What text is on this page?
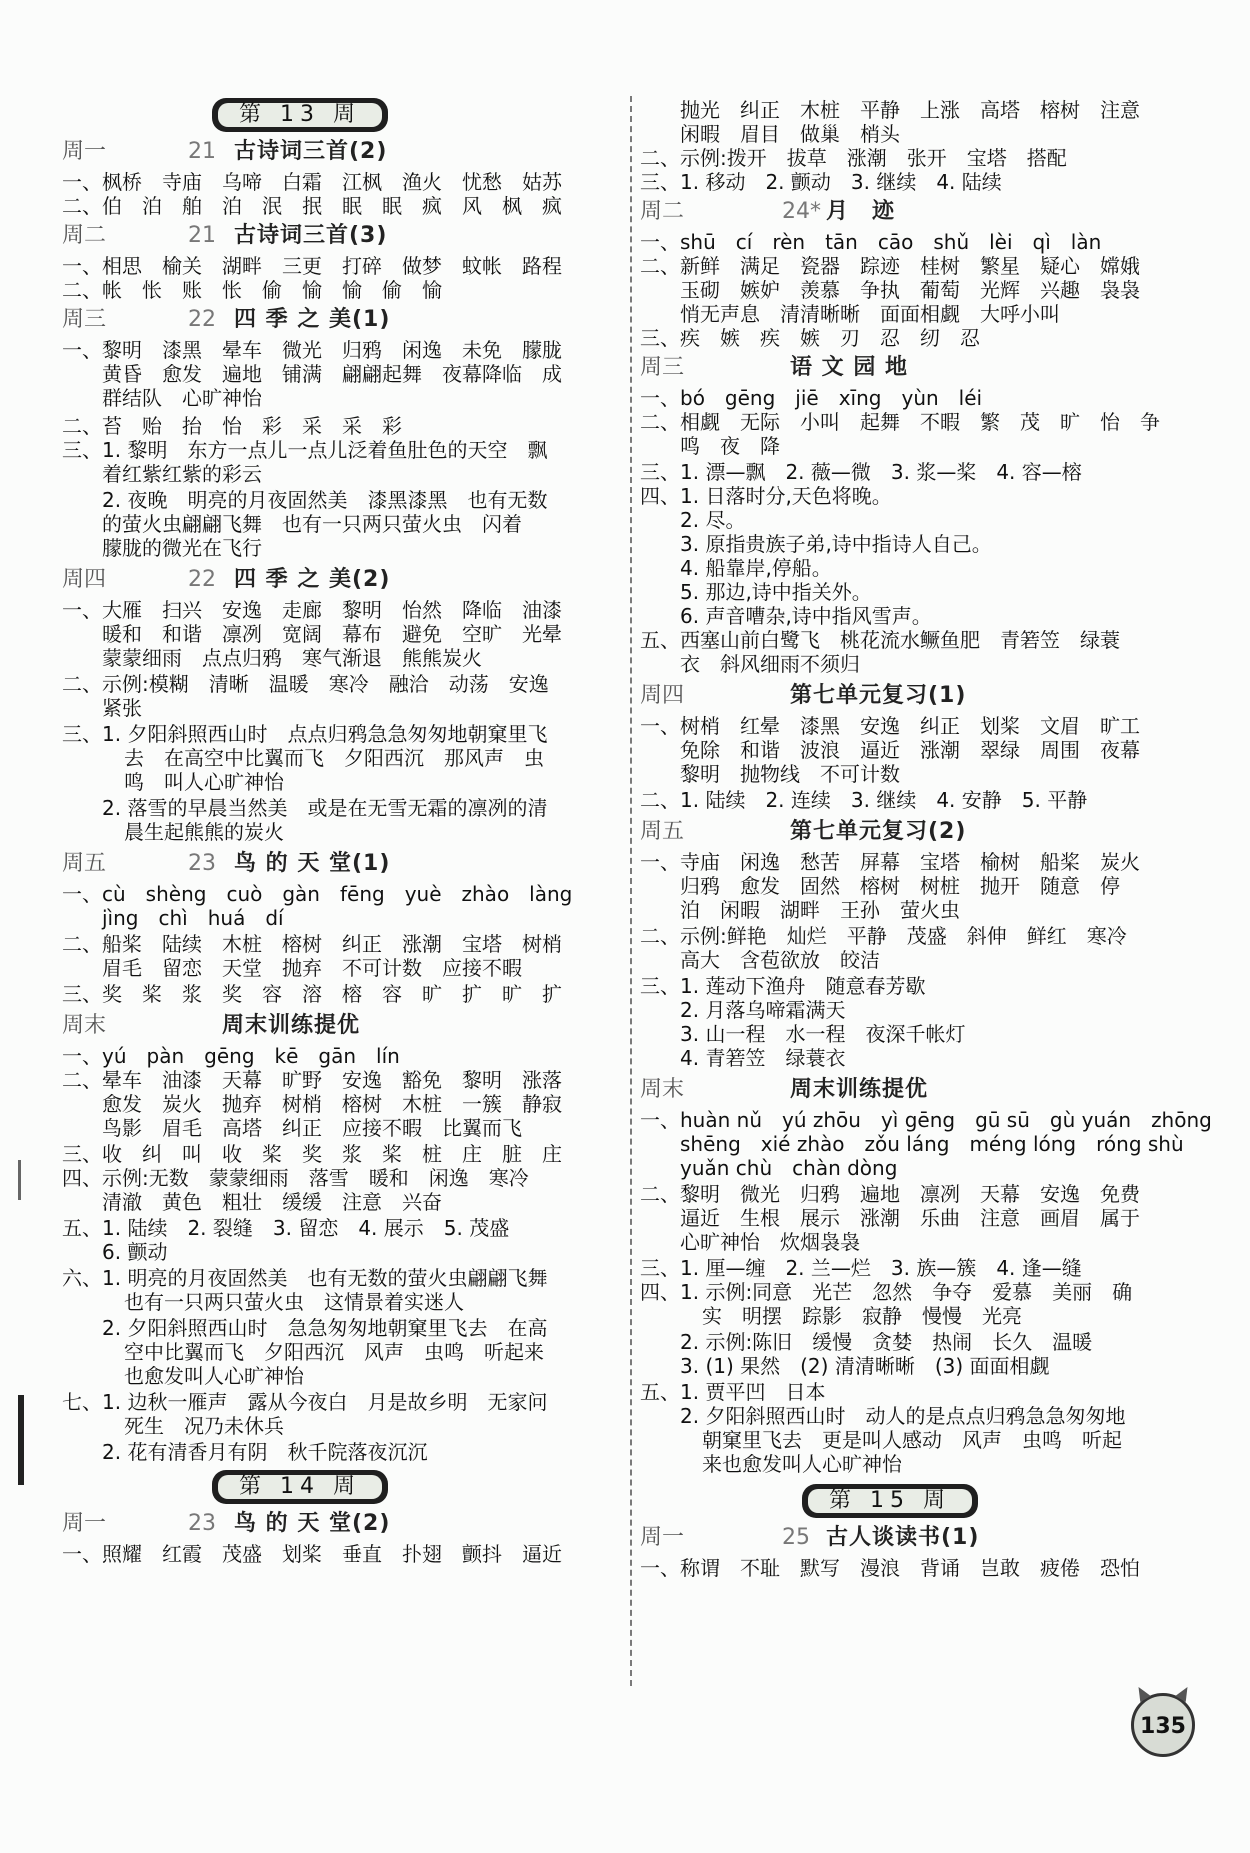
第 13 周
周一	21 古诗词三首(2)
一、枫桥　寺庙　乌啼　白霜　江枫　渔火　忧愁　姑苏
二、伯　泊　舶　泊　泯　抿　眠　眠　疯　风　枫　疯
周二	21 古诗词三首(3)
一、相思　榆关　湖畔　三更　打碎　做梦　蚊帐　路程
二、帐　怅　账　怅　偷　愉　愉　偷　愉
周三	22 四 季 之 美(1)
一、黎明　漆黑　晕车　微光　归鸦　闲逸　未免　朦胧
黄昏　愈发　遍地　铺满　翩翩起舞　夜幕降临　成
群结队　心旷神怡
二、苔　贻　抬　怡　彩　采　采　彩
三、1. 黎明　东方一点儿一点儿泛着鱼肚色的天空　飘
着红紫红紫的彩云
2. 夜晚　明亮的月夜固然美　漆黑漆黑　也有无数
的萤火虫翩翩飞舞　也有一只两只萤火虫　闪着
朦胧的微光在飞行
周四	22 四 季 之 美(2)
一、大雁　扫兴　安逸　走廊　黎明　怡然　降临　油漆
暖和　和谐　凛冽　宽阔　幕布　避免　空旷　光晕
蒙蒙细雨　点点归鸦　寒气渐退　熊熊炭火
二、示例:模糊　清晰　温暖　寒冷　融洽　动荡　安逸
紧张
三、1. 夕阳斜照西山时　点点归鸦急急匆匆地朝窠里飞
去　在高空中比翼而飞　夕阳西沉　那风声　虫
鸣　叫人心旷神怡
2. 落雪的早晨当然美　或是在无雪无霜的凛冽的清
晨生起熊熊的炭火
周五	23 鸟 的 天 堂(1)
一、cù　shèng　cuò　gàn　fēng　yuè　zhào　làng
jìng　chì　huá　dí
二、船桨　陆续　木桩　榕树　纠正　涨潮　宝塔　树梢
眉毛　留恋　天堂　抛弃　不可计数　应接不暇
三、奖　桨　浆　奖　容　溶　榕　容　旷　扩　旷　扩
周末	周末训练提优
一、yú　pàn　gēng　kē　gān　lín
二、晕车　油漆　天幕　旷野　安逸　豁免　黎明　涨落
愈发　炭火　抛弃　树梢　榕树　木桩　一簇　静寂
鸟影　眉毛　高塔　纠正　应接不暇　比翼而飞
三、收　纠　叫　收　桨　奖　浆　桨　桩　庄　脏　庄
四、示例:无数　蒙蒙细雨　落雪　暖和　闲逸　寒冷
清澈　黄色　粗壮　缓缓　注意　兴奋
五、1. 陆续　2. 裂缝　3. 留恋　4. 展示　5. 茂盛
6. 颤动
六、1. 明亮的月夜固然美　也有无数的萤火虫翩翩飞舞
也有一只两只萤火虫　这情景着实迷人
2. 夕阳斜照西山时　急急匆匆地朝窠里飞去　在高
空中比翼而飞　夕阳西沉　风声　虫鸣　听起来
也愈发叫人心旷神怡
七、1. 边秋一雁声　露从今夜白　月是故乡明　无家问
死生　况乃未休兵
2. 花有清香月有阴　秋千院落夜沉沉
第 14 周
周一	23 鸟 的 天 堂(2)
一、照耀　红霞　茂盛　划桨　垂直　扑翅　颤抖　逼近
抛光　纠正　木桩　平静　上涨　高塔　榕树　注意
闲暇　眉目　做巢　梢头
二、示例:拨开　拔草　涨潮　张开　宝塔　搭配
三、1. 移动　2. 颤动　3. 继续　4. 陆续
周二	24* 月　迹
一、shū　cí　rèn　tān　cāo　shǔ　lèi　qì　làn
二、新鲜　满足　瓷器　踪迹　桂树　繁星　疑心　嫦娥
玉砌　嫉妒　羡慕　争执　葡萄　光辉　兴趣　袅袅
悄无声息　清清晰晰　面面相觑　大呼小叫
三、疾　嫉　疾　嫉　刃　忍　纫　忍
周三	语 文 园 地
一、bó　gēng　jiē　xīng　yùn　léi
二、相觑　无际　小叫　起舞　不暇　繁　茂　旷　怡　争
鸣　夜　降
三、1. 漂—飘　2. 薇—微　3. 浆—桨　4. 容—榕
四、1. 日落时分,天色将晚。
2. 尽。
3. 原指贵族子弟,诗中指诗人自己。
4. 船靠岸,停船。
5. 那边,诗中指关外。
6. 声音嘈杂,诗中指风雪声。
五、西塞山前白鹭飞　桃花流水鳜鱼肥　青箬笠　绿蓑
衣　斜风细雨不须归
周四	第七单元复习(1)
一、树梢　红晕　漆黑　安逸　纠正　划桨　文眉　旷工
免除　和谐　波浪　逼近　涨潮　翠绿　周围　夜幕
黎明　抛物线　不可计数
二、1. 陆续　2. 连续　3. 继续　4. 安静　5. 平静
周五	第七单元复习(2)
一、寺庙　闲逸　愁苦　屏幕　宝塔　榆树　船桨　炭火
归鸦　愈发　固然　榕树　树桩　抛开　随意　停
泊　闲暇　湖畔　王孙　萤火虫
二、示例:鲜艳　灿烂　平静　茂盛　斜伸　鲜红　寒冷
高大　含苞欲放　皎洁
三、1. 莲动下渔舟　随意春芳歇
2. 月落乌啼霜满天
3. 山一程　水一程　夜深千帐灯
4. 青箬笠　绿蓑衣
周末	周末训练提优
一、huàn nǔ　yú zhōu　yì gēng　gū sū　gù yuán　zhōng
shēng　xié zhào　zǒu láng　méng lóng　róng shù
yuǎn chù　chàn dòng
二、黎明　微光　归鸦　遍地　凛冽　天幕　安逸　免费
逼近　生根　展示　涨潮　乐曲　注意　画眉　属于
心旷神怡　炊烟袅袅
三、1. 厘—缠　2. 兰—烂　3. 族—簇　4. 逢—缝
四、1. 示例:同意　光芒　忽然　争夺　爱慕　美丽　确
实　明摆　踪影　寂静　慢慢　光亮
2. 示例:陈旧　缓慢　贪婪　热闹　长久　温暖
3. (1) 果然　(2) 清清晰晰　(3) 面面相觑
五、1. 贾平凹　日本
2. 夕阳斜照西山时　动人的是点点归鸦急急匆匆地
朝窠里飞去　更是叫人感动　风声　虫鸣　听起
来也愈发叫人心旷神怡
第 15 周
周一	25 古人谈读书(1)
一、称谓　不耻　默写　漫浪　背诵　岂敢　疲倦　恐怕
135
